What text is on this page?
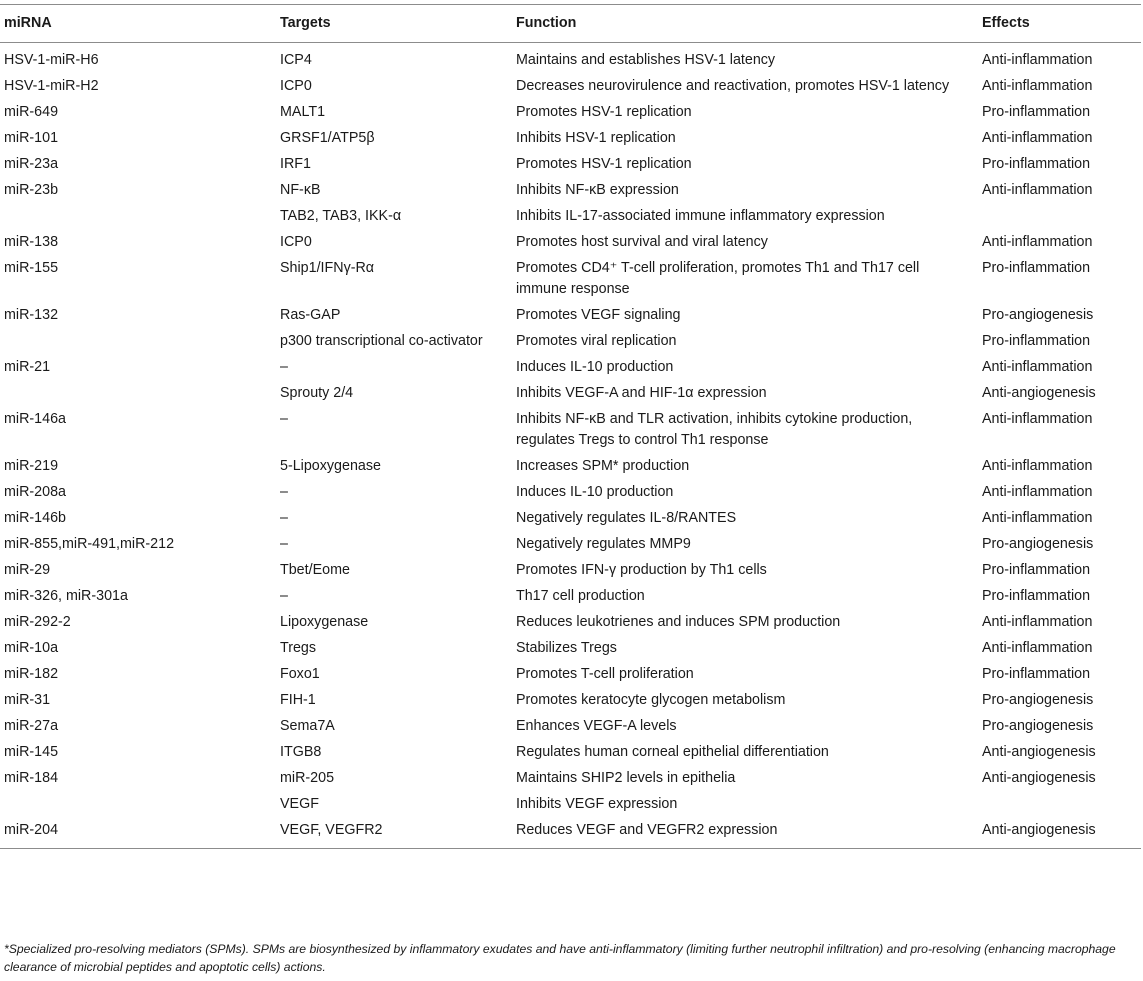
miRNA	Targets	Function	Effects
HSV-1-miR-H6	ICP4	Maintains and establishes HSV-1 latency	Anti-inflammation
HSV-1-miR-H2	ICP0	Decreases neurovirulence and reactivation, promotes HSV-1 latency	Anti-inflammation
miR-649	MALT1	Promotes HSV-1 replication	Pro-inflammation
miR-101	GRSF1/ATP5β	Inhibits HSV-1 replication	Anti-inflammation
miR-23a	IRF1	Promotes HSV-1 replication	Pro-inflammation
miR-23b	NF-κB	Inhibits NF-κB expression	Anti-inflammation
	TAB2, TAB3, IKK-α	Inhibits IL-17-associated immune inflammatory expression	
miR-138	ICP0	Promotes host survival and viral latency	Anti-inflammation
miR-155	Ship1/IFNγ-Rα	Promotes CD4⁺ T-cell proliferation, promotes Th1 and Th17 cell immune response	Pro-inflammation
miR-132	Ras-GAP	Promotes VEGF signaling	Pro-angiogenesis
	p300 transcriptional co-activator	Promotes viral replication	Pro-inflammation
miR-21	–	Induces IL-10 production	Anti-inflammation
	Sprouty 2/4	Inhibits VEGF-A and HIF-1α expression	Anti-angiogenesis
miR-146a	–	Inhibits NF-κB and TLR activation, inhibits cytokine production, regulates Tregs to control Th1 response	Anti-inflammation
miR-219	5-Lipoxygenase	Increases SPM* production	Anti-inflammation
miR-208a	–	Induces IL-10 production	Anti-inflammation
miR-146b	–	Negatively regulates IL-8/RANTES	Anti-inflammation
miR-855,miR-491,miR-212	–	Negatively regulates MMP9	Pro-angiogenesis
miR-29	Tbet/Eome	Promotes IFN-γ production by Th1 cells	Pro-inflammation
miR-326, miR-301a	–	Th17 cell production	Pro-inflammation
miR-292-2	Lipoxygenase	Reduces leukotrienes and induces SPM production	Anti-inflammation
miR-10a	Tregs	Stabilizes Tregs	Anti-inflammation
miR-182	Foxo1	Promotes T-cell proliferation	Pro-inflammation
miR-31	FIH-1	Promotes keratocyte glycogen metabolism	Pro-angiogenesis
miR-27a	Sema7A	Enhances VEGF-A levels	Pro-angiogenesis
miR-145	ITGB8	Regulates human corneal epithelial differentiation	Anti-angiogenesis
miR-184	miR-205	Maintains SHIP2 levels in epithelia	Anti-angiogenesis
	VEGF	Inhibits VEGF expression	
miR-204	VEGF, VEGFR2	Reduces VEGF and VEGFR2 expression	Anti-angiogenesis
*Specialized pro-resolving mediators (SPMs). SPMs are biosynthesized by inflammatory exudates and have anti-inflammatory (limiting further neutrophil infiltration) and pro-resolving (enhancing macrophage clearance of microbial peptides and apoptotic cells) actions.
